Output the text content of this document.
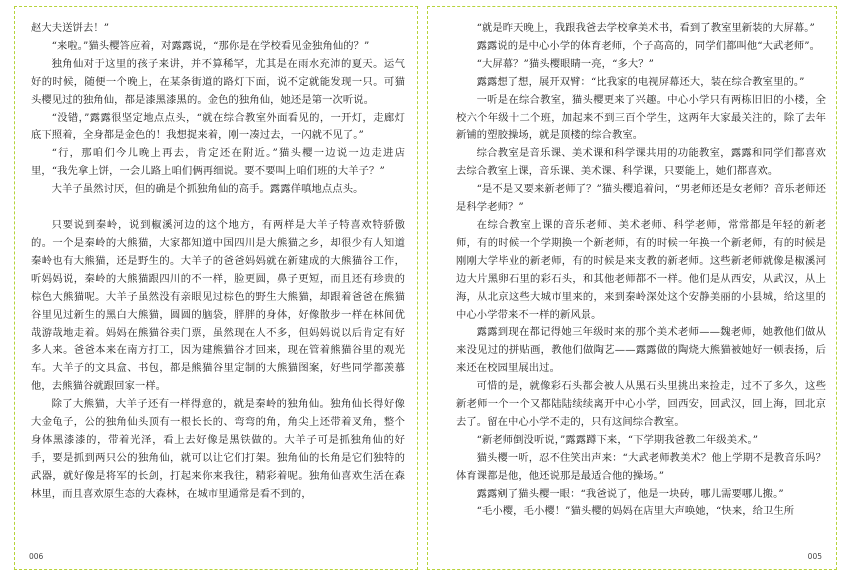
赵大夫送饼去！”

“来啦。”猫头樱答应着，对露露说，“那你是在学校看见金独角仙的？”

独角仙对于这里的孩子来讲，并不算稀罕，尤其是在雨水充沛的夏天。运气好的时候，随便一个晚上，在某条街道的路灯下面，说不定就能发现一只。可猫头樱见过的独角仙，都是漆黑漆黑的。金色的独角仙，她还是第一次听说。

“没错，”露露很坚定地点点头，“就在综合教室外面看见的，一开灯，走廊灯底下照着，全身都是金色的！我想捉来着，刚一凑过去，一闪就不见了。”

“行，那咱们今儿晚上再去，肯定还在附近。”猫头樱一边说一边走进店里，“我先拿上饼，一会儿路上咱们俩再细说。要不要叫上咱们班的大羊子？”

大羊子虽然讨厌，但的确是个抓独角仙的高手。露露佯嗔地点点头。

只要说到秦岭，说到椒溪河边的这个地方，有两样是大羊子特喜欢特骄傲的。一个是秦岭的大熊猫，大家都知道中国四川是大熊猫之乡，却很少有人知道秦岭也有大熊猫，还是野生的。大羊子的爸爸妈妈就在新建成的大熊猫谷工作，听妈妈说，秦岭的大熊猫跟四川的不一样，脸更圆，鼻子更短，而且还有珍贵的棕色大熊猫呢。大羊子虽然没有亲眼见过棕色的野生大熊猫，却跟着爸爸在熊猫谷里见过新生的黑白大熊猫，圆圆的脑袋，胖胖的身体，好像散步一样在林间优哉游哉地走着。妈妈在熊猫谷卖门票，虽然现在人不多，但妈妈说以后肯定有好多人来。爸爸本来在南方打工，因为建熊猫谷才回来，现在管着熊猫谷里的观光车。大羊子的文具盒、书包，都是熊猫谷里定制的大熊猫图案，好些同学都羡慕他，去熊猫谷就跟回家一样。

除了大熊猫，大羊子还有一样得意的，就是秦岭的独角仙。独角仙长得好像大金龟子，公的独角仙头顶有一根长长的、弯弯的角，角尖上还带着叉角，整个身体黑漆漆的，带着光泽，看上去好像是黑铁做的。大羊子可是抓独角仙的好手，要是抓到两只公的独角仙，就可以让它们打架。独角仙的长角是它们独特的武器，就好像是将军的长剑，打起来你来我往，精彩着呢。独角仙喜欢生活在森林里，而且喜欢原生态的大森林，在城市里通常是看不到的，

006

“就是昨天晚上，我跟我爸去学校拿美术书，看到了教室里新装的大屏幕。”

露露说的是中心小学的体育老师，个子高高的，同学们都叫他“大武老师”。

“大屏幕？”猫头樱眼睛一亮，“多大？”

露露想了想，展开双臂：“比我家的电视屏幕还大，装在综合教室里的。”

一听是在综合教室，猫头樱更来了兴趣。中心小学只有两栋旧旧的小楼，全校六个年级十二个班，加起来不到三百个学生，这两年大家最关注的，除了去年新铺的塑胶操场，就是顶楼的综合教室。

综合教室是音乐课、美术课和科学课共用的功能教室，露露和同学们都喜欢去综合教室上课，音乐课、美术课、科学课，只要能上，她们都喜欢。

“是不是又要来新老师了？”猫头樱追着问，“男老师还是女老师？音乐老师还是科学老师？”

在综合教室上课的音乐老师、美术老师、科学老师，常常都是年轻的新老师，有的时候一个学期换一个新老师，有的时候一年换一个新老师，有的时候是刚刚大学毕业的新老师，有的时候是来支教的新老师。这些新老师就像是椒溪河边大片黑卵石里的彩石头，和其他老师都不一样。他们是从西安，从武汉，从上海，从北京这些大城市里来的，来到秦岭深处这个安静美丽的小县城，给这里的中心小学带来不一样的新风景。

露露到现在都记得她三年级时来的那个美术老师——魏老师，她教他们做从来没见过的拼贴画，教他们做陶艺——露露做的陶烧大熊猫被她好一顿表扬，后来还在校园里展出过。

可惜的是，就像彩石头都会被人从黑石头里挑出来捡走，过不了多久，这些新老师一个一个又都陆陆续续离开中心小学，回西安，回武汉，回上海，回北京去了。留在中心小学不走的，只有这间综合教室。

“新老师倒没听说，”露露蹲下来，“下学期我爸教二年级美术。”

猫头樱一听，忍不住笑出声来：“大武老师教美术？他上学期不是教音乐吗？体育课都是他，他还说那是最适合他的操场。”

露露剜了猫头樱一眼：“我爸说了，他是一块砖，哪儿需要哪儿搬。”

“毛小樱，毛小樱！”猫头樱的妈妈在店里大声唤她，“快来，给卫生所

005
